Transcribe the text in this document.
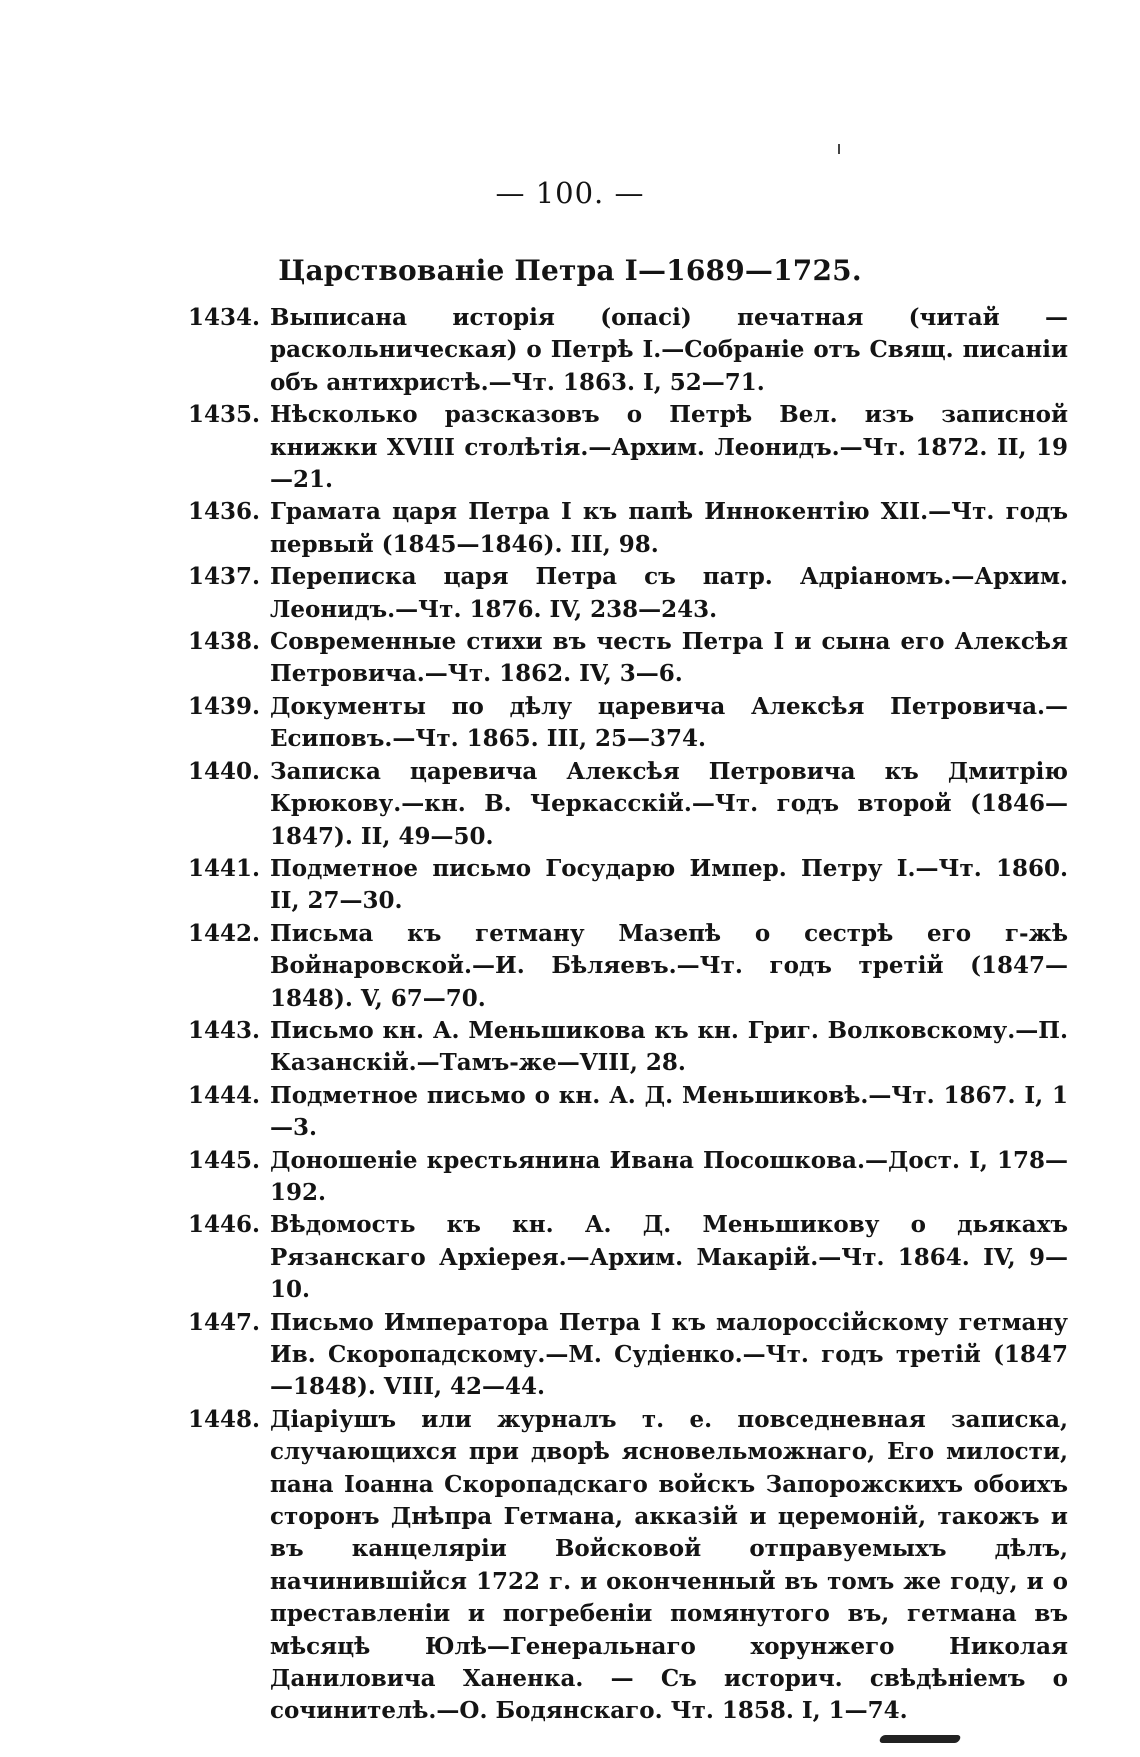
— 100. —
Царствованіе Петра I—1689—1725.
1434. Выписана исторія (опасі) печатная (читай — раскольническая) о Петрѣ I.—Собраніе отъ Свящ. писаніи объ антихристѣ.—Чт. 1863. I, 52—71.
1435. Нѣсколько разсказовъ о Петрѣ Вел. изъ записной книжки XVIII столѣтія.—Архим. Леонидъ.—Чт. 1872. II, 19—21.
1436. Грамата царя Петра I къ папѣ Иннокентію XII.—Чт. годъ первый (1845—1846). III, 98.
1437. Переписка царя Петра съ патр. Адріаномъ.—Архим. Леонидъ.—Чт. 1876. IV, 238—243.
1438. Современные стихи въ честь Петра I и сына его Алексѣя Петровича.—Чт. 1862. IV, 3—6.
1439. Документы по дѣлу царевича Алексѣя Петровича.—Есиповъ.—Чт. 1865. III, 25—374.
1440. Записка царевича Алексѣя Петровича къ Дмитрію Крюкову.—кн. В. Черкасскій.—Чт. годъ второй (1846—1847). II, 49—50.
1441. Подметное письмо Государю Импер. Петру I.—Чт. 1860. II, 27—30.
1442. Письма къ гетману Мазепѣ о сестрѣ его г-жѣ Войнаровской.—И. Бѣляевъ.—Чт. годъ третій (1847—1848). V, 67—70.
1443. Письмо кн. А. Меньшикова къ кн. Григ. Волковскому.—П. Казанскій.—Тамъ-же—VIII, 28.
1444. Подметное письмо о кн. А. Д. Меньшиковѣ.—Чт. 1867. I, 1—3.
1445. Доношеніе крестьянина Ивана Посошкова.—Дост. I, 178—192.
1446. Вѣдомость къ кн. А. Д. Меньшикову о дьякахъ Рязанскаго Архіерея.—Архим. Макарій.—Чт. 1864. IV, 9—10.
1447. Письмо Императора Петра I къ малороссійскому гетману Ив. Скоропадскому.—М. Судіенко.—Чт. годъ третій (1847—1848). VIII, 42—44.
1448. Діаріушъ или журналъ т. е. повседневная записка, случающихся при дворѣ ясновельможнаго, Его милости, пана Іоанна Скоропадскаго войскъ Запорожскихъ обоихъ сторонъ Днѣпра Гетмана, акказій и церемоній, такожъ и въ канцеляріи Войсковой отправуемыхъ дѣлъ, начинившійся 1722 г. и оконченный въ томъ же году, и о преставленіи и погребеніи помянутого въ, гетмана въ мѣсяцѣ Юлѣ—Генеральнаго хорунжего Николая Даниловича Ханенка. — Съ историч. свѣдѣніемъ о сочинителѣ.—О. Бодянскаго. Чт. 1858. I, 1—74.
